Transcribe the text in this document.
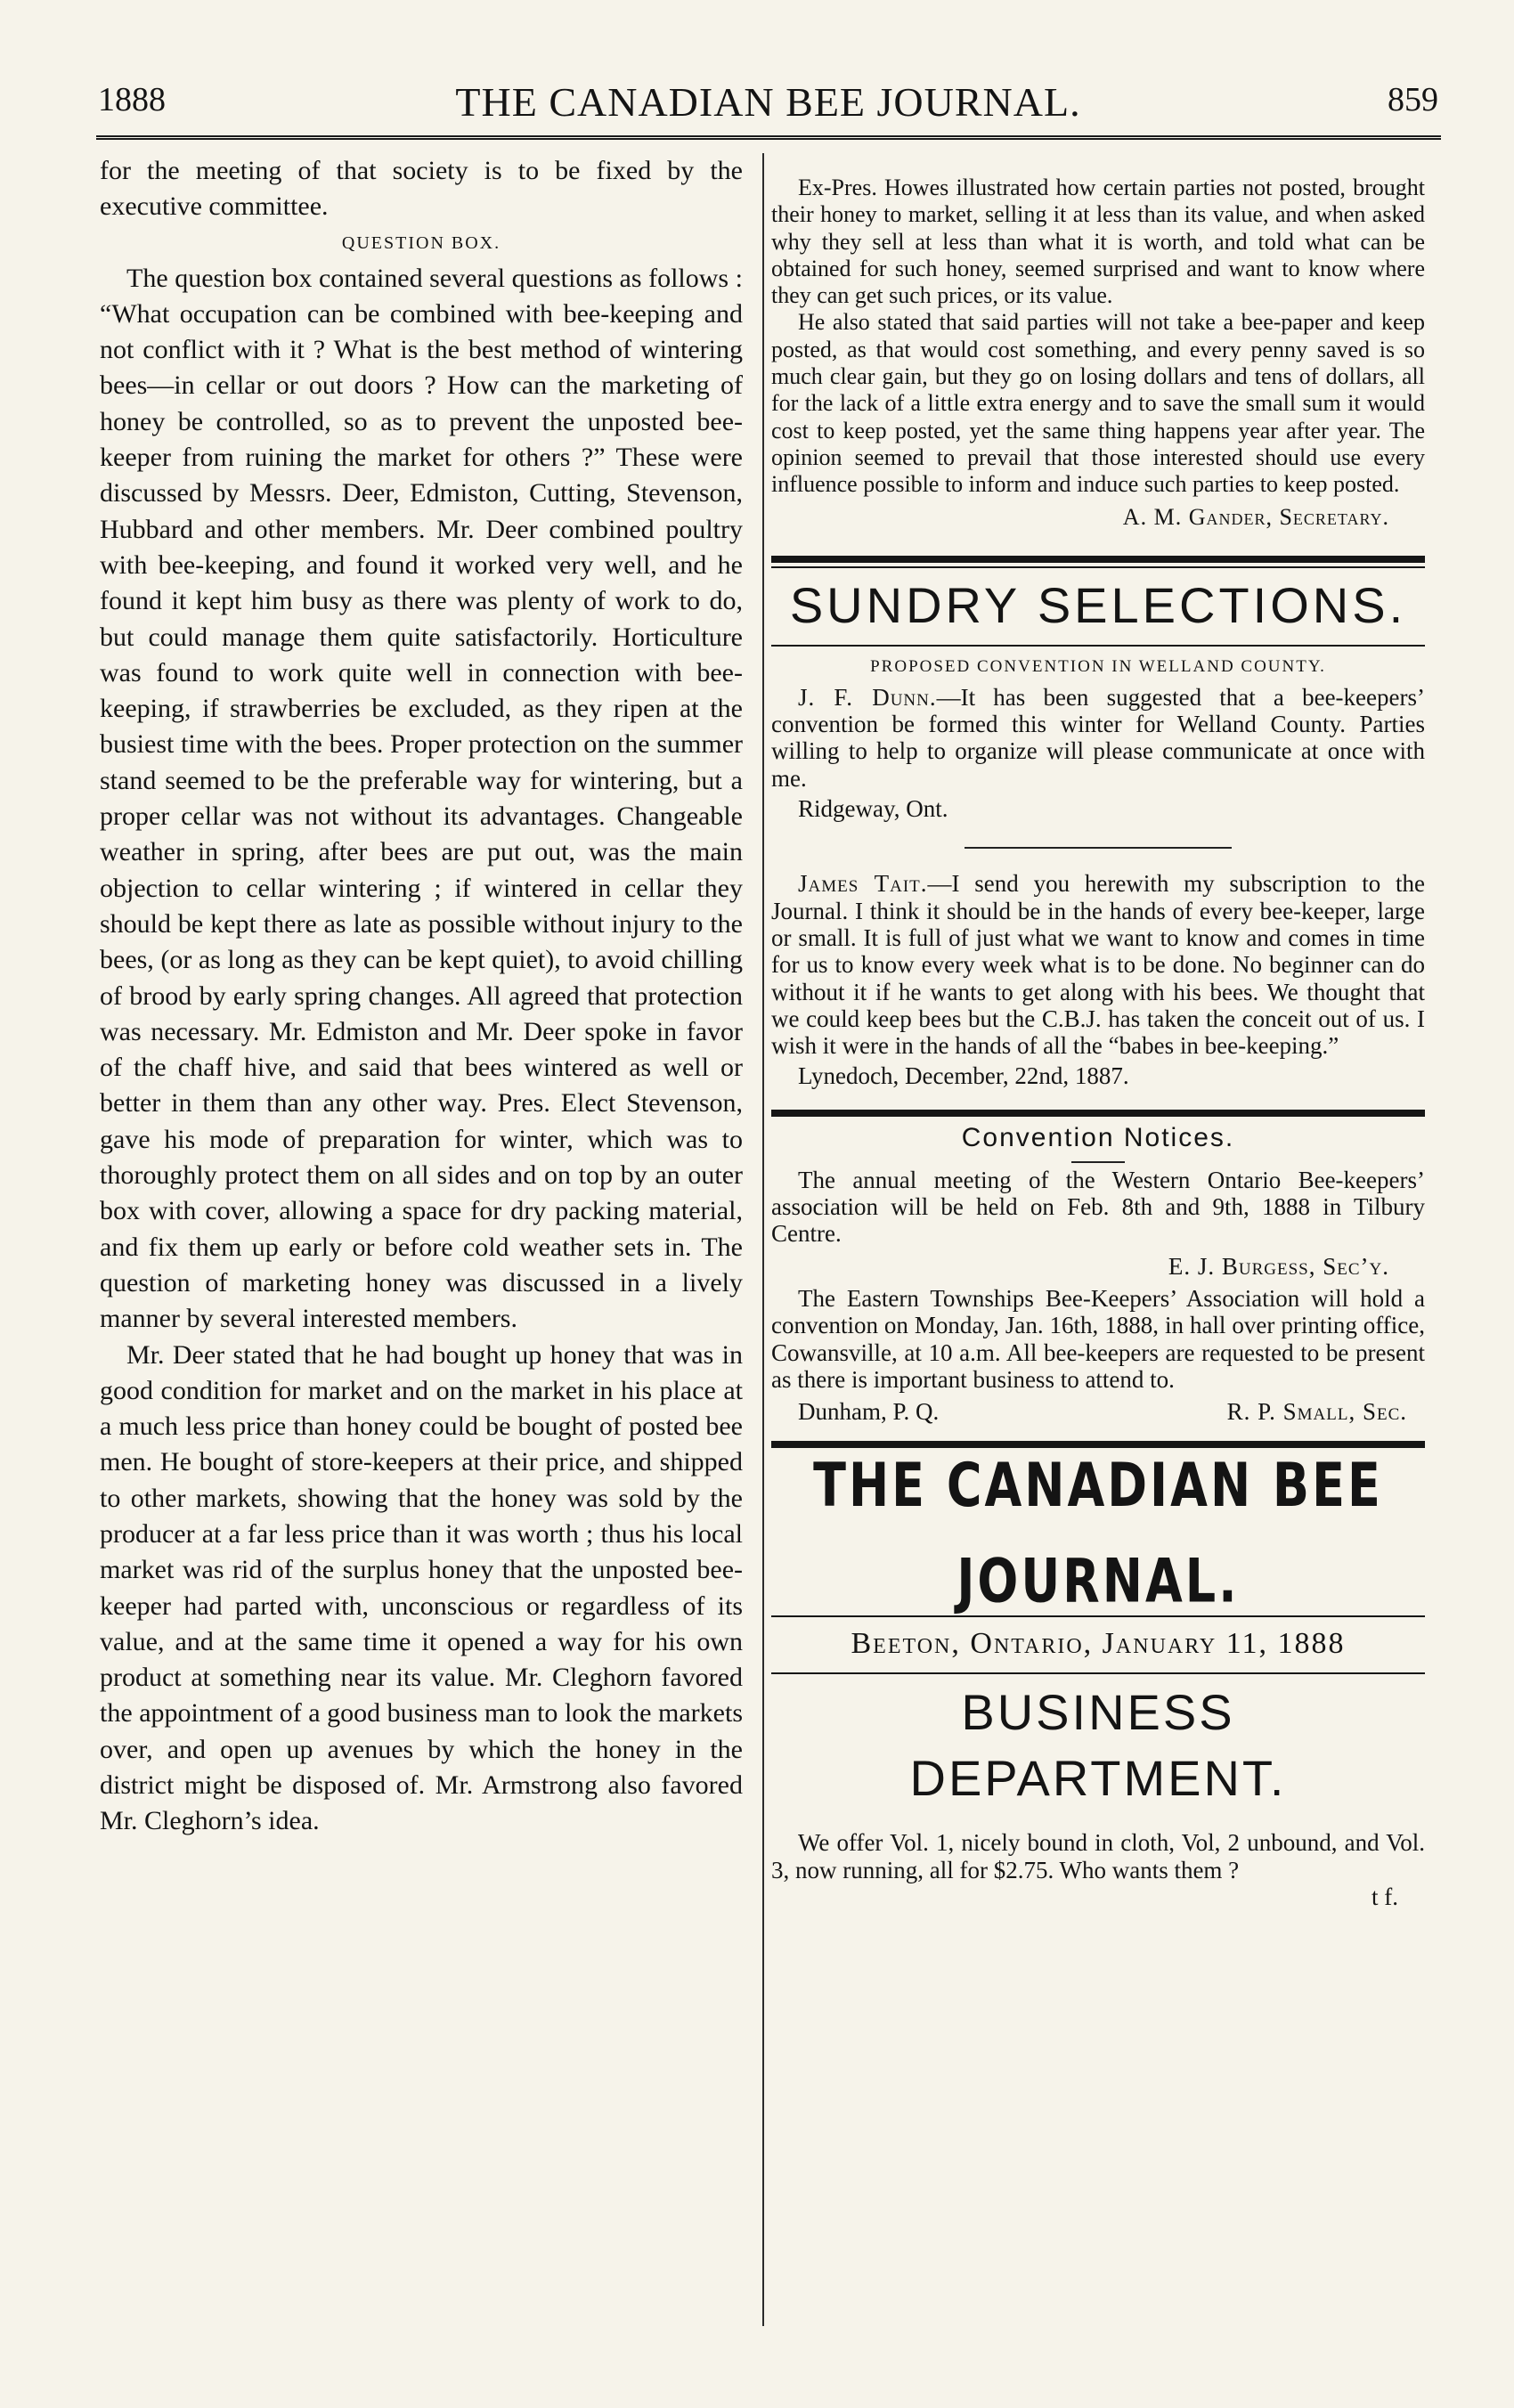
1888	THE CANADIAN BEE JOURNAL.	859

for the meeting of that society is to be fixed by the executive committee.

QUESTION BOX.

The question box contained several questions as follows : “What occupation can be combined with bee-keeping and not conflict with it ? What is the best method of wintering bees—in cellar or out doors ? How can the marketing of honey be controlled, so as to prevent the unposted bee-keeper from ruining the market for others ?” These were discussed by Messrs. Deer, Edmiston, Cutting, Stevenson, Hubbard and other members. Mr. Deer combined poultry with bee-keeping, and found it worked very well, and he found it kept him busy as there was plenty of work to do, but could manage them quite satisfactorily. Horticulture was found to work quite well in connection with bee-keeping, if strawberries be excluded, as they ripen at the busiest time with the bees. Proper protection on the summer stand seemed to be the preferable way for wintering, but a proper cellar was not without its advantages. Changeable weather in spring, after bees are put out, was the main objection to cellar wintering ; if wintered in cellar they should be kept there as late as possible without injury to the bees, (or as long as they can be kept quiet), to avoid chilling of brood by early spring changes. All agreed that protection was necessary. Mr. Edmiston and Mr. Deer spoke in favor of the chaff hive, and said that bees wintered as well or better in them than any other way. Pres. Elect Stevenson, gave his mode of preparation for winter, which was to thoroughly protect them on all sides and on top by an outer box with cover, allowing a space for dry packing material, and fix them up early or before cold weather sets in. The question of marketing honey was discussed in a lively manner by several interested members.

Mr. Deer stated that he had bought up honey that was in good condition for market and on the market in his place at a much less price than honey could be bought of posted bee men. He bought of store-keepers at their price, and shipped to other markets, showing that the honey was sold by the producer at a far less price than it was worth ; thus his local market was rid of the surplus honey that the unposted bee-keeper had parted with, unconscious or regardless of its value, and at the same time it opened a way for his own product at something near its value. Mr. Cleghorn favored the appointment of a good business man to look the markets over, and open up avenues by which the honey in the district might be disposed of. Mr. Armstrong also favored Mr. Cleghorn’s idea.

Ex-Pres. Howes illustrated how certain parties not posted, brought their honey to market, selling it at less than its value, and when asked why they sell at less than what it is worth, and told what can be obtained for such honey, seemed surprised and want to know where they can get such prices, or its value.

He also stated that said parties will not take a bee-paper and keep posted, as that would cost something, and every penny saved is so much clear gain, but they go on losing dollars and tens of dollars, all for the lack of a little extra energy and to save the small sum it would cost to keep posted, yet the same thing happens year after year. The opinion seemed to prevail that those interested should use every influence possible to inform and induce such parties to keep posted.

A. M. Gander, Secretary.
SUNDRY SELECTIONS.
PROPOSED CONVENTION IN WELLAND COUNTY.

J. F. Dunn.—It has been suggested that a bee-keepers’ convention be formed this winter for Welland County. Parties willing to help to organize will please communicate at once with me.

Ridgeway, Ont.

James Tait.—I send you herewith my subscription to the Journal. I think it should be in the hands of every bee-keeper, large or small. It is full of just what we want to know and comes in time for us to know every week what is to be done. No beginner can do without it if he wants to get along with his bees. We thought that we could keep bees but the C.B.J. has taken the conceit out of us. I wish it were in the hands of all the “babes in bee-keeping.”

Lynedoch, December, 22nd, 1887.

Convention Notices.

The annual meeting of the Western Ontario Bee-keepers’ association will be held on Feb. 8th and 9th, 1888 in Tilbury Centre.

E. J. Burgess, Sec’y.

The Eastern Townships Bee-Keepers’ Association will hold a convention on Monday, Jan. 16th, 1888, in hall over printing office, Cowansville, at 10 a.m. All bee-keepers are requested to be present as there is important business to attend to.

Dunham, P. Q.	R. P. Small, Sec.
THE CANADIAN BEE JOURNAL.
Beeton, Ontario, January 11, 1888
BUSINESS DEPARTMENT.

We offer Vol. 1, nicely bound in cloth, Vol, 2 unbound, and Vol. 3, now running, all for $2.75. Who wants them ?

t f.
